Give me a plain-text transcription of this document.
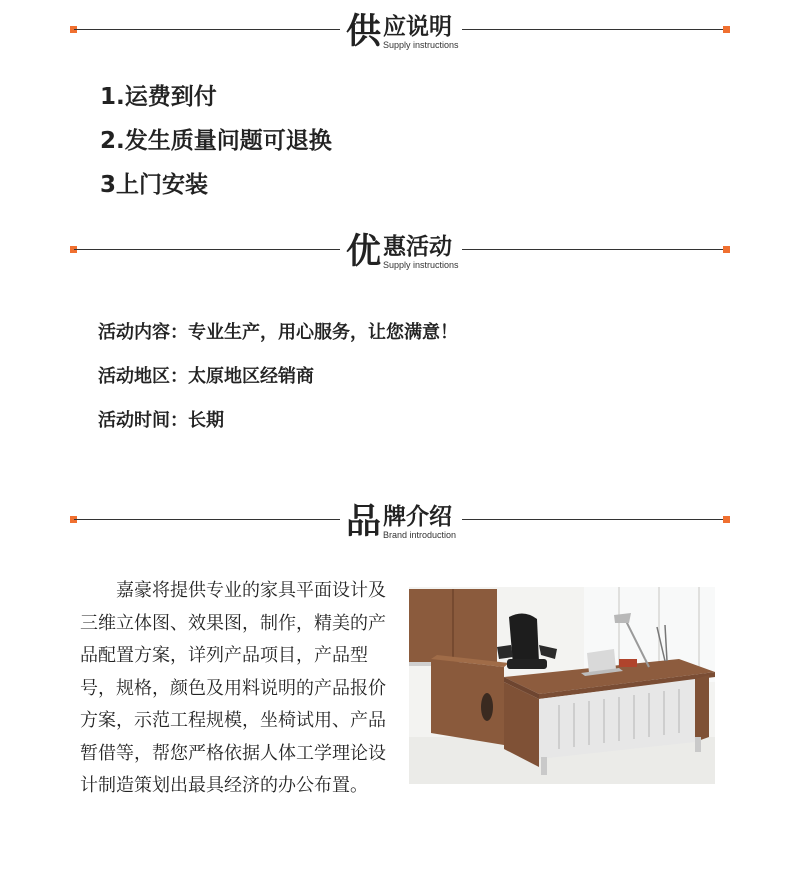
供 应说明
Supply instructions
1.运费到付
2.发生质量问题可退换
3上门安装
优 惠活动
Supply instructions
活动内容：专业生产，用心服务，让您满意！
活动地区：太原地区经销商
活动时间：长期
品 牌介绍
Brand introduction
嘉豪将提供专业的家具平面设计及三维立体图、效果图，制作，精美的产品配置方案，详列产品项目，产品型号，规格，颜色及用料说明的产品报价方案，示范工程规模，坐椅试用、产品暂借等，帮您严格依据人体工学理论设计制造策划出最具经济的办公布置。
